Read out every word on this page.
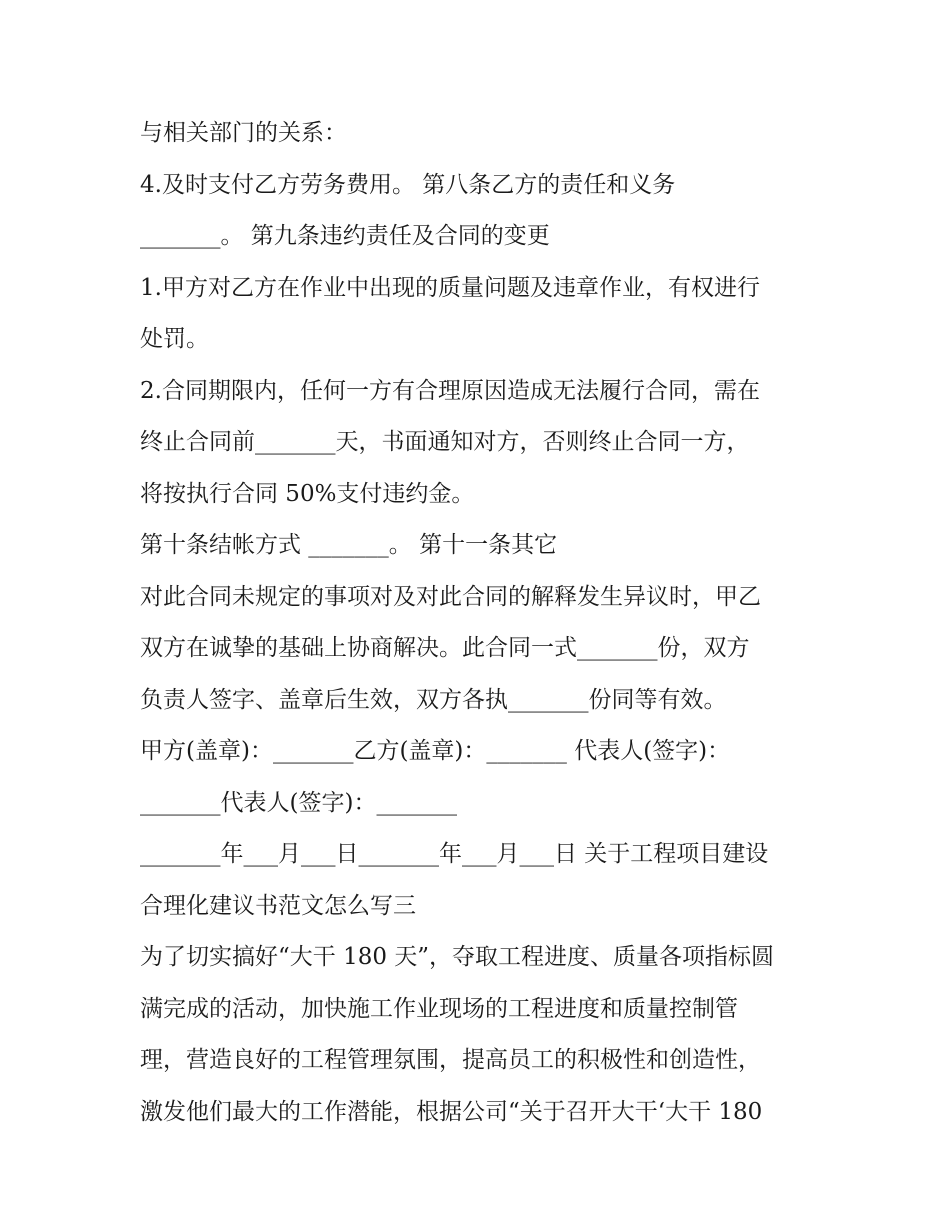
与相关部门的关系：
4.及时支付乙方劳务费用。 第八条乙方的责任和义务
_______。 第九条违约责任及合同的变更
1.甲方对乙方在作业中出现的质量问题及违章作业，有权进行
处罚。
2.合同期限内，任何一方有合理原因造成无法履行合同，需在
终止合同前_______天，书面通知对方，否则终止合同一方，
将按执行合同 50%支付违约金。
第十条结帐方式 _______。 第十一条其它
对此合同未规定的事项对及对此合同的解释发生异议时，甲乙
双方在诚挚的基础上协商解决。此合同一式_______份，双方
负责人签字、盖章后生效，双方各执_______份同等有效。
甲方(盖章)：_______乙方(盖章)：_______ 代表人(签字)：
_______代表人(签字)：_______
_______年___月___日_______年___月___日 关于工程项目建设
合理化建议书范文怎么写三
为了切实搞好“大干 180 天”，夺取工程进度、质量各项指标圆
满完成的活动，加快施工作业现场的工程进度和质量控制管
理，营造良好的工程管理氛围，提高员工的积极性和创造性，
激发他们最大的工作潜能，根据公司“关于召开大干‘大干 180
